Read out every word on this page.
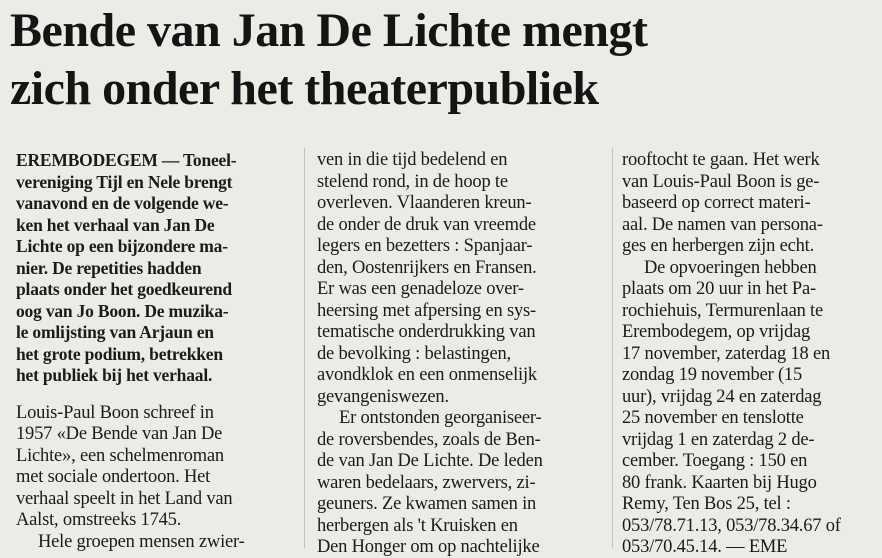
Bende van Jan De Lichte mengt
zich onder het theaterpubliek
EREMBODEGEM — Toneel-
vereniging Tijl en Nele brengt
vanavond en de volgende we-
ken het verhaal van Jan De
Lichte op een bijzondere ma-
nier. De repetities hadden
plaats onder het goedkeurend
oog van Jo Boon. De muzika-
le omlijsting van Arjaun en
het grote podium, betrekken
het publiek bij het verhaal.
Louis-Paul Boon schreef in
1957 «De Bende van Jan De
Lichte», een schelmenroman
met sociale ondertoon. Het
verhaal speelt in het Land van
Aalst, omstreeks 1745.
Hele groepen mensen zwier-
ven in die tijd bedelend en
stelend rond, in de hoop te
overleven. Vlaanderen kreun-
de onder de druk van vreemde
legers en bezetters : Spanjaar-
den, Oostenrijkers en Fransen.
Er was een genadeloze over-
heersing met afpersing en sys-
tematische onderdrukking van
de bevolking : belastingen,
avondklok en een onmenselijk
gevangeniswezen.
Er ontstonden georganiseer-
de roversbendes, zoals de Ben-
de van Jan De Lichte. De leden
waren bedelaars, zwervers, zi-
geuners. Ze kwamen samen in
herbergen als 't Kruisken en
Den Honger om op nachtelijke
rooftocht te gaan. Het werk
van Louis-Paul Boon is ge-
baseerd op correct materi-
aal. De namen van persona-
ges en herbergen zijn echt.
De opvoeringen hebben
plaats om 20 uur in het Pa-
rochiehuis, Termurenlaan te
Erembodegem, op vrijdag
17 november, zaterdag 18 en
zondag 19 november (15
uur), vrijdag 24 en zaterdag
25 november en tenslotte
vrijdag 1 en zaterdag 2 de-
cember. Toegang : 150 en
80 frank. Kaarten bij Hugo
Remy, Ten Bos 25, tel :
053/78.71.13, 053/78.34.67 of
053/70.45.14. — EME
